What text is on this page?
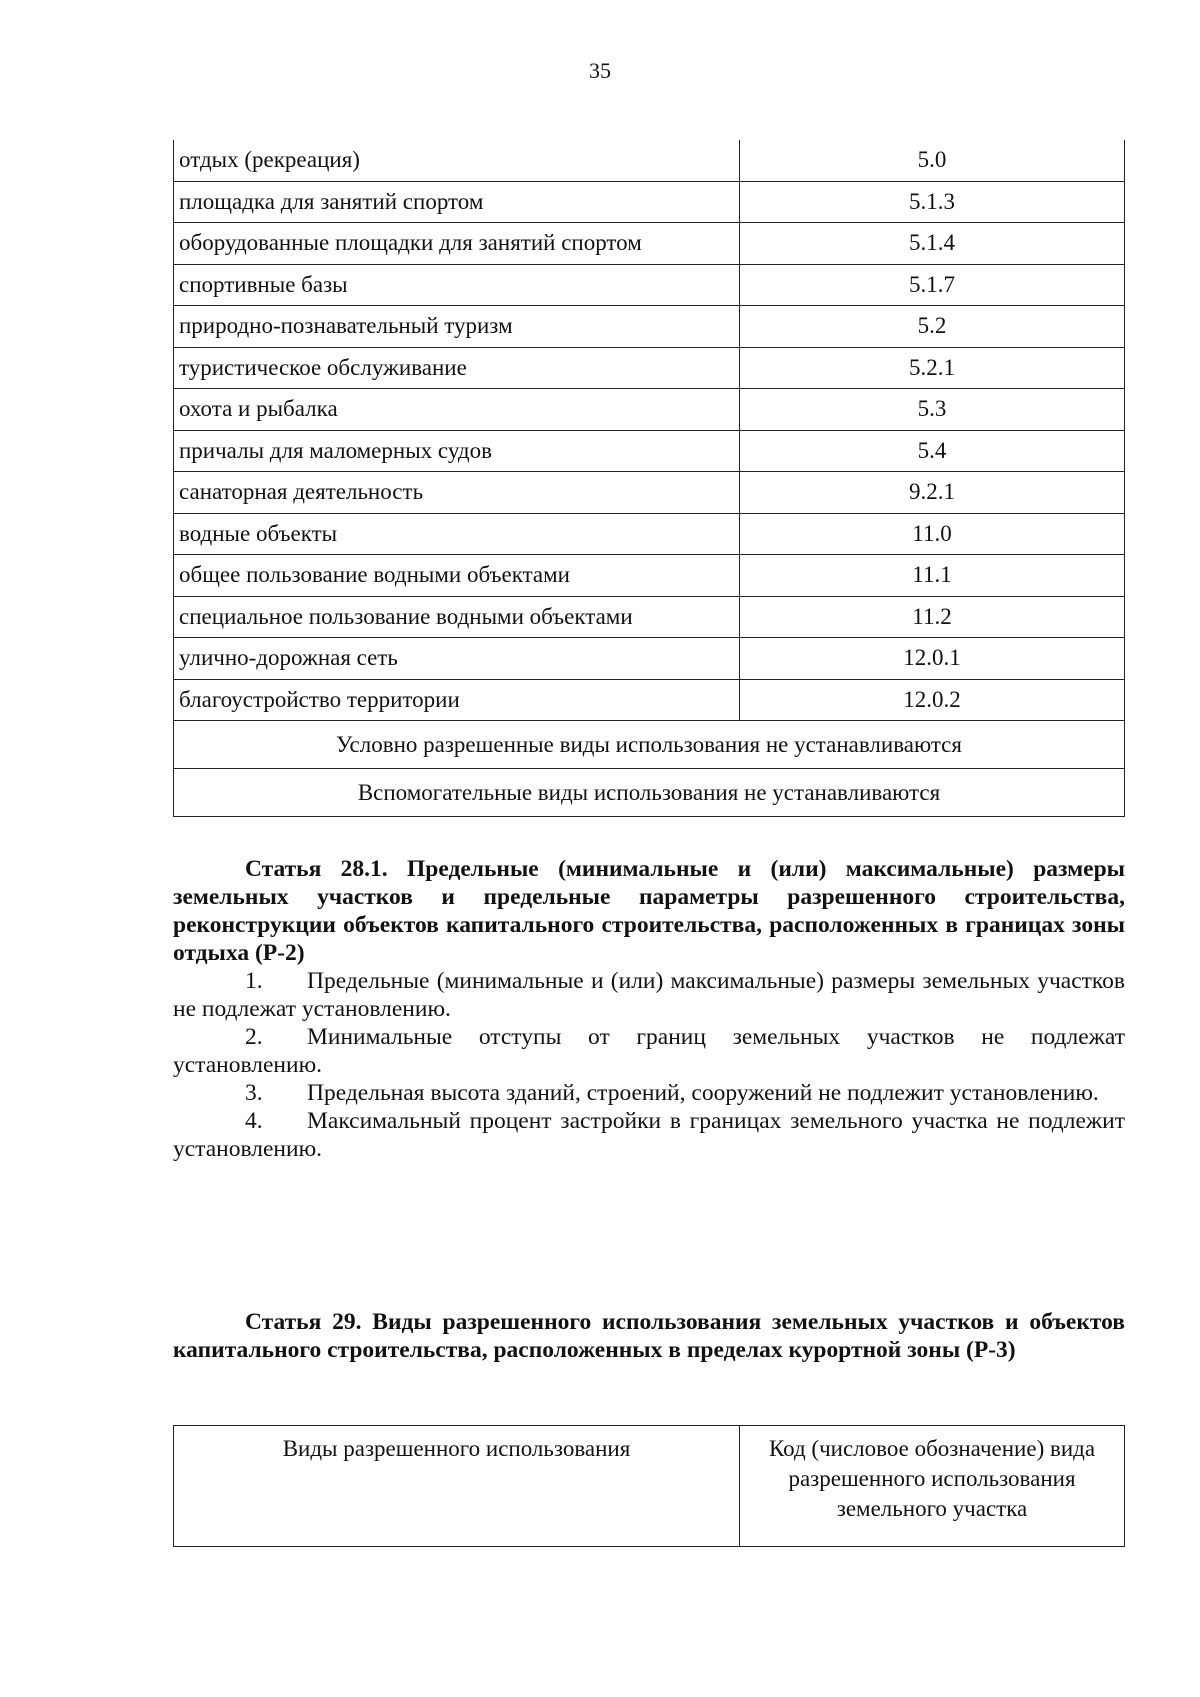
35
отдых (рекреация)	5.0
площадка для занятий спортом	5.1.3
оборудованные площадки для занятий спортом	5.1.4
спортивные базы	5.1.7
природно-познавательный туризм	5.2
туристическое обслуживание	5.2.1
охота и рыбалка	5.3
причалы для маломерных судов	5.4
санаторная деятельность	9.2.1
водные объекты	11.0
общее пользование водными объектами	11.1
специальное пользование водными объектами	11.2
улично-дорожная сеть	12.0.1
благоустройство территории	12.0.2
Условно разрешенные виды использования не устанавливаются	
Вспомогательные виды использования не устанавливаются	

Статья 28.1. Предельные (минимальные и (или) максимальные) размеры земельных участков и предельные параметры разрешенного строительства, реконструкции объектов капитального строительства, расположенных в границах зоны отдыха (Р-2)

1. Предельные (минимальные и (или) максимальные) размеры земельных участков не подлежат установлению.

2. Минимальные отступы от границ земельных участков не подлежат установлению.

3. Предельная высота зданий, строений, сооружений не подлежит установлению.

4. Максимальный процент застройки в границах земельного участка не подлежит установлению.

Статья 29. Виды разрешенного использования земельных участков и объектов капитального строительства, расположенных в пределах курортной зоны (Р-3)

Виды разрешенного использования	Код (числовое обозначение) вида разрешенного использования земельного участка
